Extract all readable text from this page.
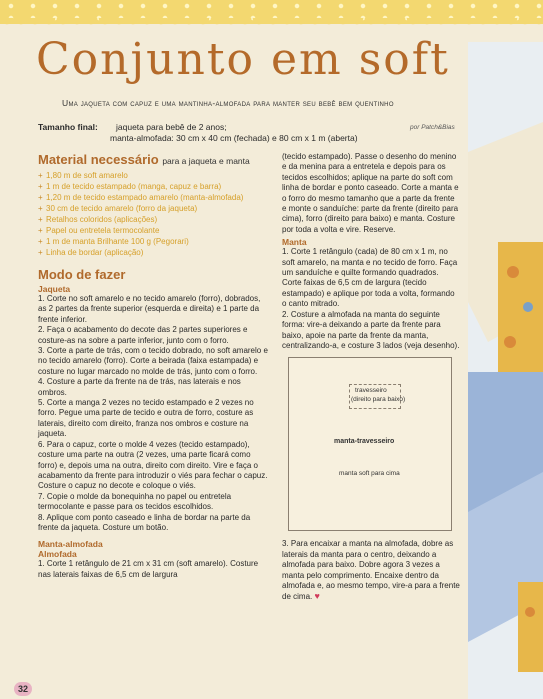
Conjunto em soft
Uma jaqueta com capuz e uma mantinha-almofada para manter seu bebê bem quentinho
Tamanho final: jaqueta para bebê de 2 anos;
manta-almofada: 30 cm x 40 cm (fechada) e 80 cm x 1 m (aberta)
por Patch&Bias
Material necessário para a jaqueta e manta
+ 1,80 m de soft amarelo
+ 1 m de tecido estampado (manga, capuz e barra)
+ 1,20 m de tecido estampado amarelo (manta-almofada)
+ 30 cm de tecido amarelo (forro da jaqueta)
+ Retalhos coloridos (aplicações)
+ Papel ou entretela termocolante
+ 1 m de manta Brilhante 100 g (Pegorari)
+ Linha de bordar (aplicação)
Modo de fazer
Jaqueta

1. Corte no soft amarelo e no tecido amarelo (forro), dobrados, as 2 partes da frente superior (esquerda e direita) e 1 parte da frente inferior.

2. Faça o acabamento do decote das 2 partes superiores e costure-as na sobre a parte inferior, junto com o forro.

3. Corte a parte de trás, com o tecido dobrado, no soft amarelo e no tecido amarelo (forro). Corte a beirada (faixa estampada) e costure no lugar marcado no molde de trás, junto com o forro.

4. Costure a parte da frente na de trás, nas laterais e nos ombros.

5. Corte a manga 2 vezes no tecido estampado e 2 vezes no forro. Pegue uma parte de tecido e outra de forro, costure as laterais, direito com direito, franza nos ombros e costure na jaqueta.

6. Para o capuz, corte o molde 4 vezes (tecido estampado), costure uma parte na outra (2 vezes, uma parte ficará como forro) e, depois uma na outra, direito com direito. Vire e faça o acabamento da frente para introduzir o viés para fechar o capuz. Costure o capuz no decote e coloque o viés.

7. Copie o molde da bonequinha no papel ou entretela termocolante e passe para os tecidos escolhidos.

8. Aplique com ponto caseado e linha de bordar na parte da frente da jaqueta. Costure um botão.

Manta-almofada
Almofada

1. Corte 1 retângulo de 21 cm x 31 cm (soft amarelo). Costure nas laterais faixas de 6,5 cm de largura

(tecido estampado). Passe o desenho do menino e da menina para a entretela e depois para os tecidos escolhidos; aplique na parte do soft com linha de bordar e ponto caseado. Corte a manta e o forro do mesmo tamanho que a parte da frente e monte o sanduíche: parte da frente (direito para cima), forro (direito para baixo) e manta. Costure por toda a volta e vire. Reserve.

Manta

1. Corte 1 retângulo (cada) de 80 cm x 1 m, no soft amarelo, na manta e no tecido de forro. Faça um sanduíche e quilte formando quadrados. Corte faixas de 6,5 cm de largura (tecido estampado) e aplique por toda a volta, formando o canto mitrado.

2. Costure a almofada na manta do seguinte forma: vire-a deixando a parte da frente para baixo, apoie na parte da frente da manta, centralizando-a, e costure 3 lados (veja desenho).

travesseiro
(direito para baixo)
manta-travesseiro
manta soft para cima

3. Para encaixar a manta na almofada, dobre as laterais da manta para o centro, deixando a almofada para baixo. Dobre agora 3 vezes a manta pelo comprimento. Encaixe dentro da almofada e, ao mesmo tempo, vire-a para a frente de cima. ♥

32
